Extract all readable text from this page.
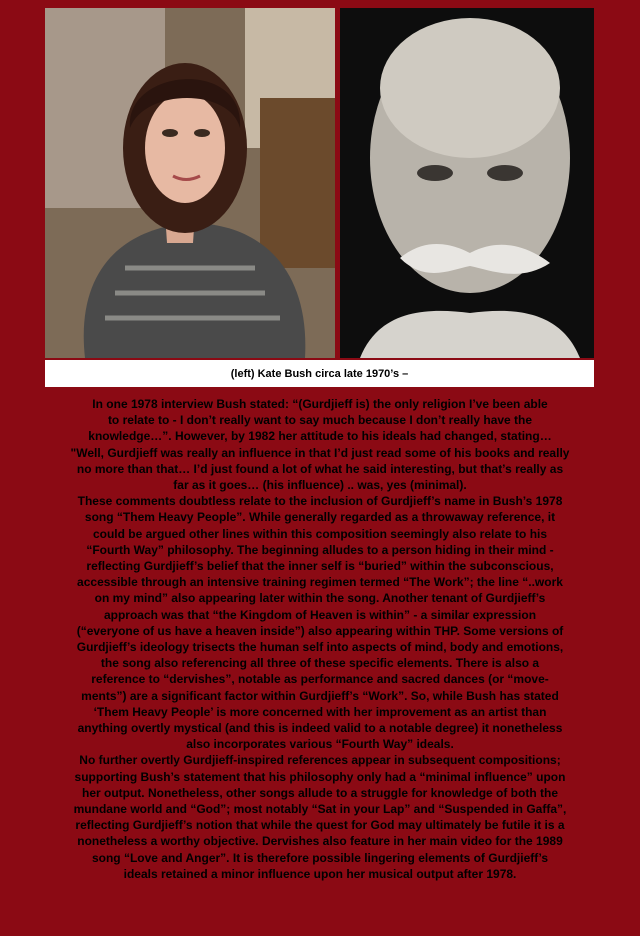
(left) Kate Bush circa late 1970’s –

In one 1978 interview Bush stated: “(Gurdjieff is) the only religion I’ve been able
to relate to - I don’t really want to say much because I don’t really have the
knowledge…”. However, by 1982 her attitude to his ideals had changed, stating…
"Well, Gurdjieff was really an influence in that I’d just read some of his books and really
no more than that… I’d just found a lot of what he said interesting, but that’s really as
far as it goes… (his influence) .. was, yes (minimal).
These comments doubtless relate to the inclusion of Gurdjieff’s name in Bush’s 1978
song “Them Heavy People”. While generally regarded as a throwaway reference, it
could be argued other lines within this composition seemingly also relate to his
“Fourth Way” philosophy. The beginning alludes to a person hiding in their mind -
reflecting Gurdjieff’s belief that the inner self is “buried” within the subconscious,
accessible through an intensive training regimen termed “The Work”; the line “..work
on my mind” also appearing later within the song. Another tenant of Gurdjieff’s
approach was that “the Kingdom of Heaven is within” - a similar expression
(“everyone of us have a heaven inside”) also appearing within THP. Some versions of
Gurdjieff’s ideology trisects the human self into aspects of mind, body and emotions,
the song also referencing all three of these specific elements. There is also a
reference to “dervishes”, notable as performance and sacred dances (or “move-
ments”) are a significant factor within Gurdjieff’s “Work”. So, while Bush has stated
‘Them Heavy People’ is more concerned with her improvement as an artist than
anything overtly mystical (and this is indeed valid to a notable degree) it nonetheless
also incorporates various “Fourth Way” ideals.
No further overtly Gurdjieff-inspired references appear in subsequent compositions;
supporting Bush’s statement that his philosophy only had a “minimal influence” upon
her output. Nonetheless, other songs allude to a struggle for knowledge of both the
mundane world and “God”; most notably “Sat in your Lap” and “Suspended in Gaffa”,
reflecting Gurdjieff’s notion that while the quest for God may ultimately be futile it is a
nonetheless a worthy objective. Dervishes also feature in her main video for the 1989
song “Love and Anger”. It is therefore possible lingering elements of Gurdjieff’s
ideals retained a minor influence upon her musical output after 1978.
